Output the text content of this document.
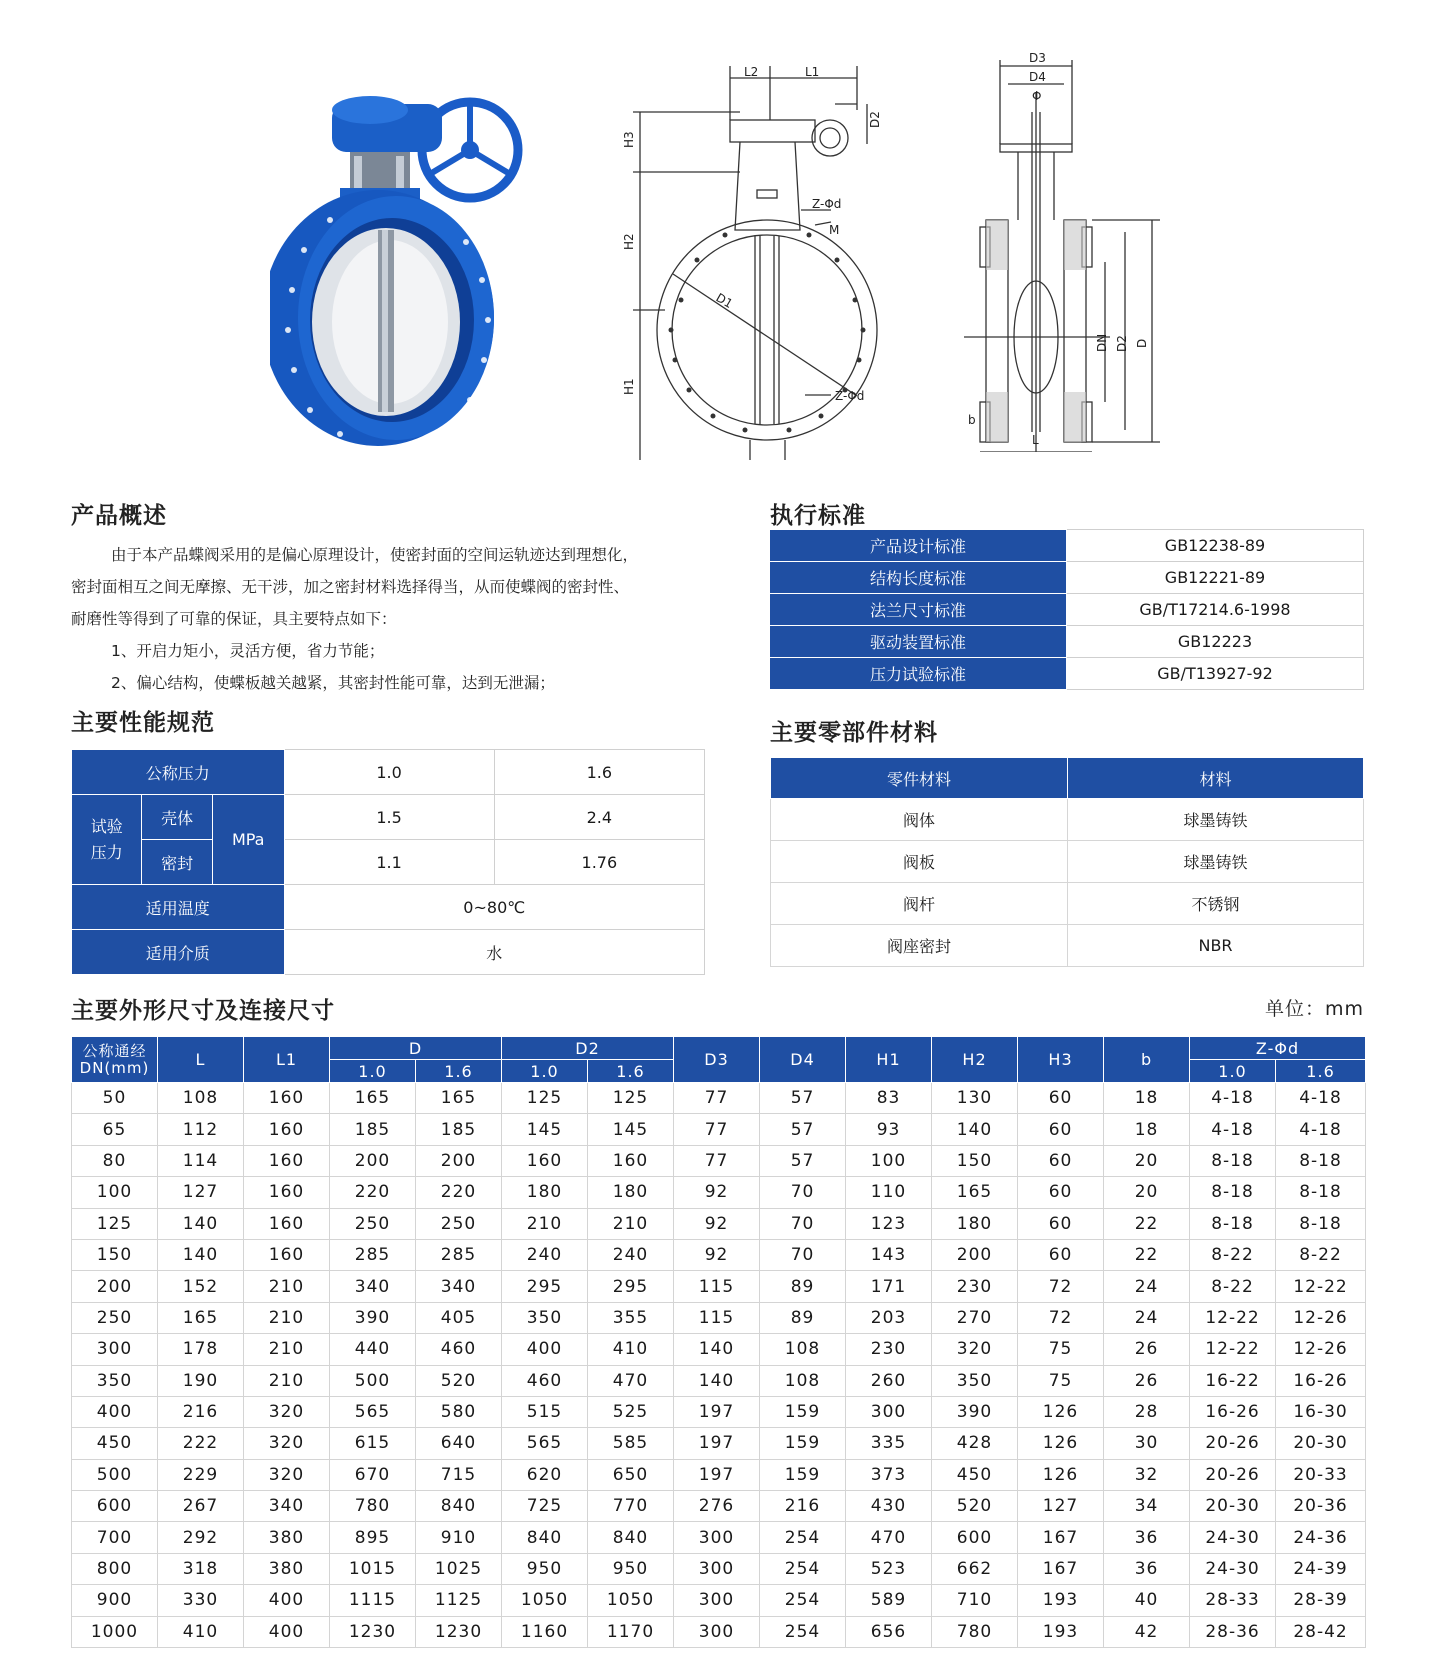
L2	L1
D2
H3
H2
H1
Z-Φd
M
D1
Z-Φd
D3
D4
Φ
DN D2 D
b
L
产品概述

由于本产品蝶阀采用的是偏心原理设计，使密封面的空间运轨迹达到理想化，

密封面相互之间无摩擦、无干涉，加之密封材料选择得当，从而使蝶阀的密封性、

耐磨性等得到了可靠的保证，具主要特点如下：

1、开启力矩小，灵活方便，省力节能；

2、偏心结构，使蝶板越关越紧，其密封性能可靠，达到无泄漏；

执行标准
产品设计标准	GB12238-89
结构长度标准	GB12221-89
法兰尺寸标准	GB/T17214.6-1998
驱动装置标准	GB12223
压力试验标准	GB/T13927-92
主要性能规范
公称压力			1.0	1.6
试验
压力	壳体	MPa	1.5	2.4
	密封		1.1	1.76
适用温度			0~80℃	
适用介质			水	
主要零部件材料
零件材料	材料
阀体	球墨铸铁
阀板	球墨铸铁
阀杆	不锈钢
阀座密封	NBR
主要外形尺寸及连接尺寸	单位：mm
公称通经
DN(mm)	L	L1	D		D2		D3	D4	H1	H2	H3	b	Z-Φd	
			1.0	1.6	1.0	1.6							1.0	1.6
50	108	160	165	165	125	125	77	57	83	130	60	18	4-18	4-18
65	112	160	185	185	145	145	77	57	93	140	60	18	4-18	4-18
80	114	160	200	200	160	160	77	57	100	150	60	20	8-18	8-18
100	127	160	220	220	180	180	92	70	110	165	60	20	8-18	8-18
125	140	160	250	250	210	210	92	70	123	180	60	22	8-18	8-18
150	140	160	285	285	240	240	92	70	143	200	60	22	8-22	8-22
200	152	210	340	340	295	295	115	89	171	230	72	24	8-22	12-22
250	165	210	390	405	350	355	115	89	203	270	72	24	12-22	12-26
300	178	210	440	460	400	410	140	108	230	320	75	26	12-22	12-26
350	190	210	500	520	460	470	140	108	260	350	75	26	16-22	16-26
400	216	320	565	580	515	525	197	159	300	390	126	28	16-26	16-30
450	222	320	615	640	565	585	197	159	335	428	126	30	20-26	20-30
500	229	320	670	715	620	650	197	159	373	450	126	32	20-26	20-33
600	267	340	780	840	725	770	276	216	430	520	127	34	20-30	20-36
700	292	380	895	910	840	840	300	254	470	600	167	36	24-30	24-36
800	318	380	1015	1025	950	950	300	254	523	662	167	36	24-30	24-39
900	330	400	1115	1125	1050	1050	300	254	589	710	193	40	28-33	28-39
1000	410	400	1230	1230	1160	1170	300	254	656	780	193	42	28-36	28-42
